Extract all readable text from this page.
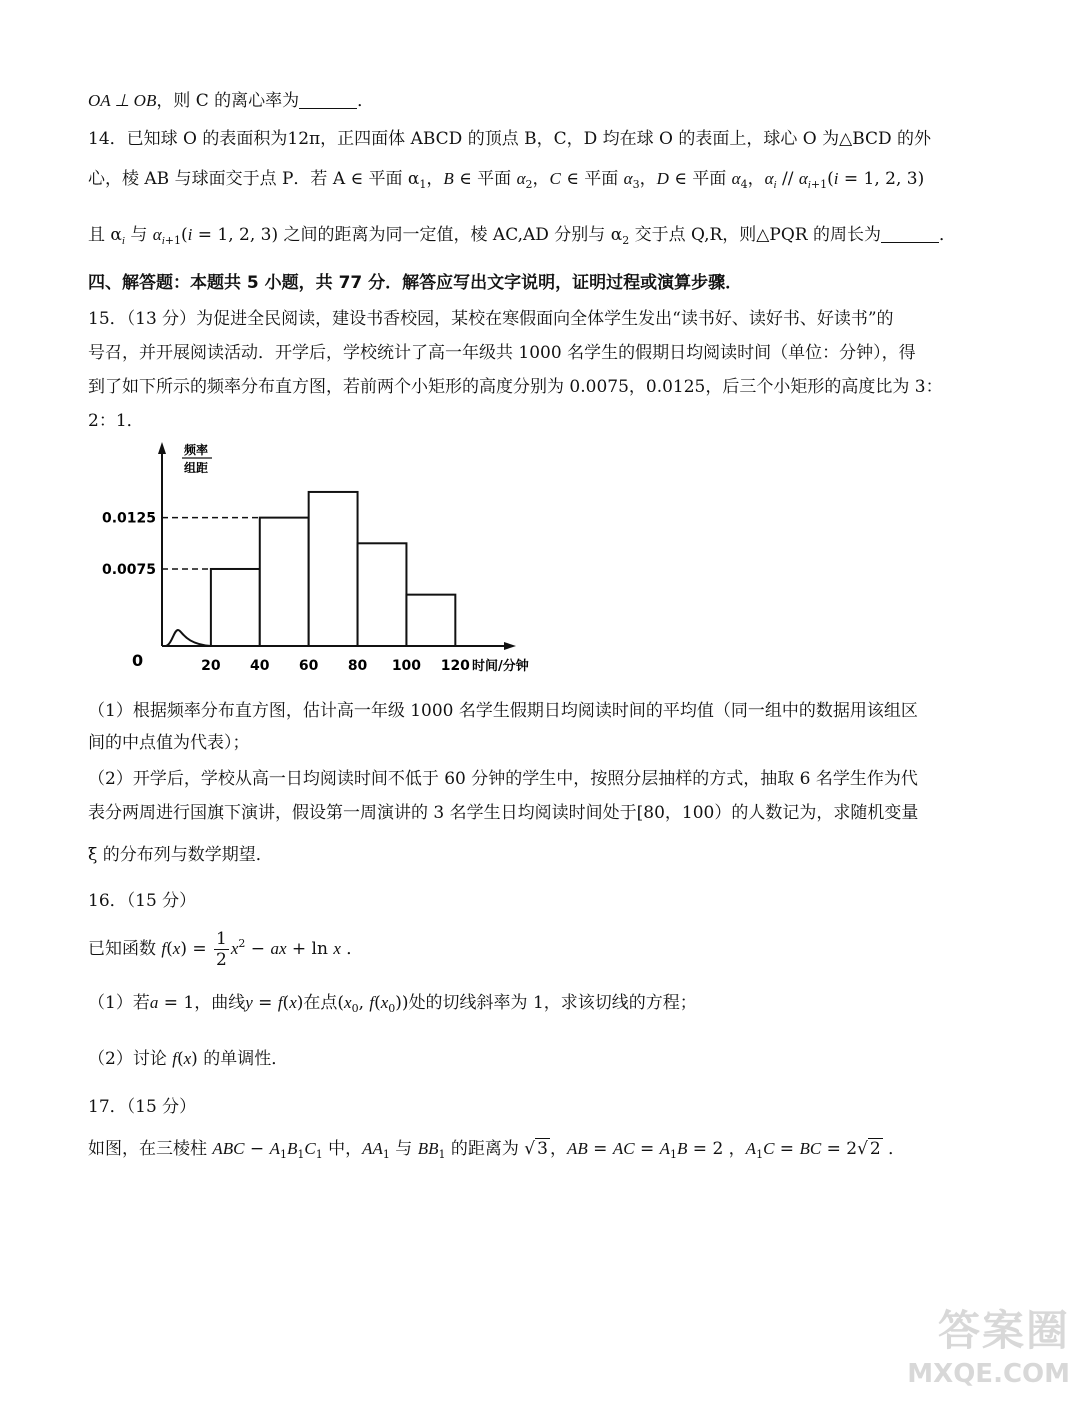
OA ⊥ OB，则 C 的离心率为	．
14．已知球 O 的表面积为12π，正四面体 ABCD 的顶点 B，C，D 均在球 O 的表面上，球心 O 为△BCD 的外
心，棱 AB 与球面交于点 P．若 A ∈ 平面 $\alpha_1$，B ∈ 平面 $\alpha_2$，C ∈ 平面 $\alpha_3$，D ∈ 平面 $\alpha_4$，$\alpha_i // \alpha_{i+1}(i = 1$, 2, 3)
且 $\alpha_i$ 与 $\alpha_{i+1}(i = 1$, 2, 3) 之间的距离为同一定值，棱 AC,AD 分别与 $\alpha_2$ 交于点 Q,R，则△PQR 的周长为	．
四、解答题：本题共 5 小题，共 77 分．解答应写出文字说明，证明过程或演算步骤．
15．（13 分）为促进全民阅读，建设书香校园，某校在寒假面向全体学生发出“读书好、读好书、好读书”的
号召，并开展阅读活动．开学后，学校统计了高一年级共 1000 名学生的假期日均阅读时间（单位：分钟），得
到了如下所示的频率分布直方图，若前两个小矩形的高度分别为 0.0075，0.0125，后三个小矩形的高度比为 3：
2：1．
0.0125
0.0075
20 40 60 80 100 120
0	时间/分钟
频率
组距
（1）根据频率分布直方图，估计高一年级 1000 名学生假期日均阅读时间的平均值（同一组中的数据用该组区
间的中点值为代表）；
（2）开学后，学校从高一日均阅读时间不低于 60 分钟的学生中，按照分层抽样的方式，抽取 6 名学生作为代
表分两周进行国旗下演讲，假设第一周演讲的 3 名学生日均阅读时间处于[80，100）的人数记为，求随机变量
ξ 的分布列与数学期望．
16．（15 分）
已知函数 $f(x) = \frac{1}{2} x^2$ − ax + ln x ．
（1）若a = 1，曲线y = f(x)在点($x_0$, $f(x_0)$)处的切线斜率为 1，求该切线的方程；
（2）讨论 f(x) 的单调性．
17．（15 分）
如图，在三棱柱 ABC − $A_1B_1C_1$ 中，$AA_1$ 与 $BB_1$ 的距离为 √ 3 ，AB = AC = $A_1B = 2$ ，$A_1C$ = BC = 2√ 2 ．
答案圈
MXQE.COM
